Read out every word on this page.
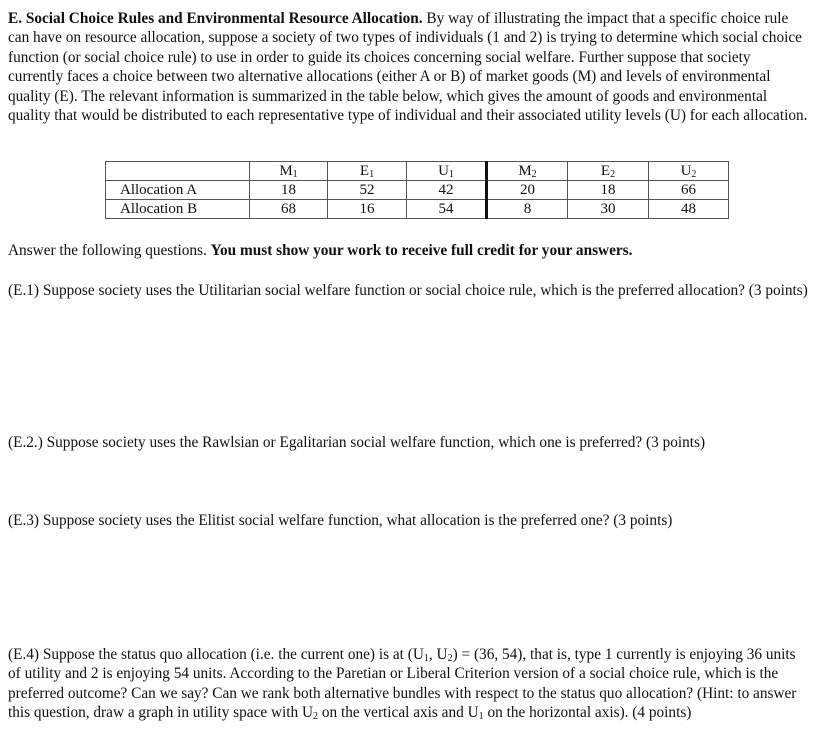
E. Social Choice Rules and Environmental Resource Allocation. By way of illustrating the impact that a specific choice rule can have on resource allocation, suppose a society of two types of individuals (1 and 2) is trying to determine which social choice function (or social choice rule) to use in order to guide its choices concerning social welfare. Further suppose that society currently faces a choice between two alternative allocations (either A or B) of market goods (M) and levels of environmental quality (E). The relevant information is summarized in the table below, which gives the amount of goods and environmental quality that would be distributed to each representative type of individual and their associated utility levels (U) for each allocation.

	$M_1$	$E_1$	$U_1$	$M_2$	$E_2$	$U_2$
Allocation A	18	52	42	20	18	66
Allocation B	68	16	54	8	30	48

Answer the following questions. You must show your work to receive full credit for your answers.

(E.1) Suppose society uses the Utilitarian social welfare function or social choice rule, which is the preferred allocation? (3 points)

(E.2.) Suppose society uses the Rawlsian or Egalitarian social welfare function, which one is preferred? (3 points)

(E.3) Suppose society uses the Elitist social welfare function, what allocation is the preferred one? (3 points)

(E.4) Suppose the status quo allocation (i.e. the current one) is at ($U_1$, $U_2) = (36$, 54), that is, type 1 currently is enjoying 36 units of utility and 2 is enjoying 54 units. According to the Paretian or Liberal Criterion version of a social choice rule, which is the preferred outcome? Can we say? Can we rank both alternative bundles with respect to the status quo allocation? (Hint: to answer this question, draw a graph in utility space with $U_2$ on the vertical axis and $U_1$ on the horizontal axis). (4 points)
